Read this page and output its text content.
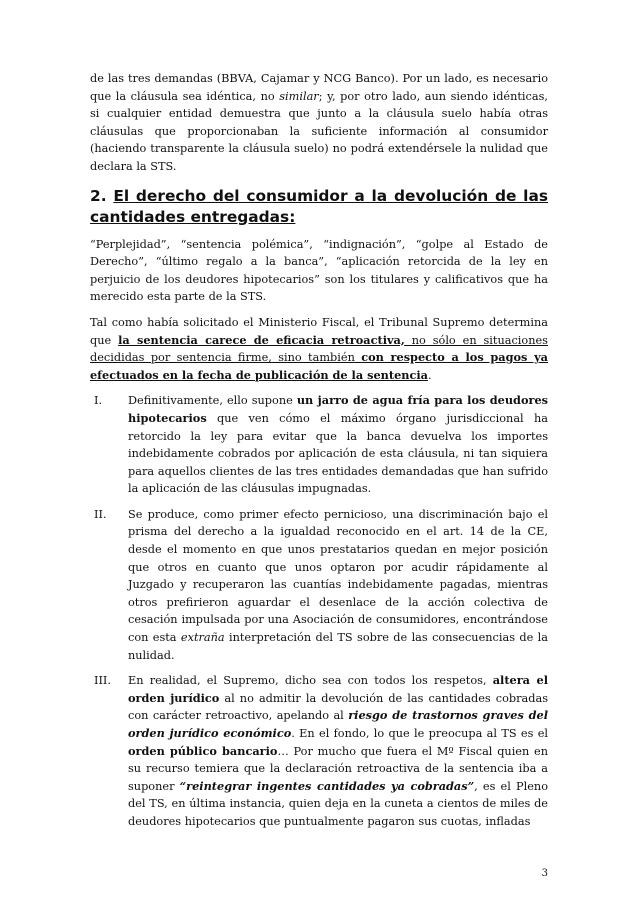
de las tres demandas (BBVA, Cajamar y NCG Banco). Por un lado, es necesario que la cláusula sea idéntica, no similar; y, por otro lado, aun siendo idénticas, si cualquier entidad demuestra que junto a la cláusula suelo había otras cláusulas que proporcionaban la suficiente información al consumidor (haciendo transparente la cláusula suelo) no podrá extendérsele la nulidad que declara la STS.

2. El derecho del consumidor a la devolución de las cantidades entregadas:

“Perplejidad”, “sentencia polémica”, “indignación”, “golpe al Estado de Derecho”, “último regalo a la banca”, “aplicación retorcida de la ley en perjuicio de los deudores hipotecarios” son los titulares y calificativos que ha merecido esta parte de la STS.

Tal como había solicitado el Ministerio Fiscal, el Tribunal Supremo determina que la sentencia carece de eficacia retroactiva, no sólo en situaciones decididas por sentencia firme, sino también con respecto a los pagos ya efectuados en la fecha de publicación de la sentencia.

I.	Definitivamente, ello supone un jarro de agua fría para los deudores hipotecarios que ven cómo el máximo órgano jurisdiccional ha retorcido la ley para evitar que la banca devuelva los importes indebidamente cobrados por aplicación de esta cláusula, ni tan siquiera para aquellos clientes de las tres entidades demandadas que han sufrido la aplicación de las cláusulas impugnadas.
II.	Se produce, como primer efecto pernicioso, una discriminación bajo el prisma del derecho a la igualdad reconocido en el art. 14 de la CE, desde el momento en que unos prestatarios quedan en mejor posición que otros en cuanto que unos optaron por acudir rápidamente al Juzgado y recuperaron las cuantías indebidamente pagadas, mientras otros prefirieron aguardar el desenlace de la acción colectiva de cesación impulsada por una Asociación de consumidores, encontrándose con esta extraña interpretación del TS sobre de las consecuencias de la nulidad.
III.	En realidad, el Supremo, dicho sea con todos los respetos, altera el orden jurídico al no admitir la devolución de las cantidades cobradas con carácter retroactivo, apelando al riesgo de trastornos graves del orden jurídico económico. En el fondo, lo que le preocupa al TS es el orden público bancario… Por mucho que fuera el Mº Fiscal quien en su recurso temiera que la declaración retroactiva de la sentencia iba a suponer “reintegrar ingentes cantidades ya cobradas”, es el Pleno del TS, en última instancia, quien deja en la cuneta a cientos de miles de deudores hipotecarios que puntualmente pagaron sus cuotas, infladas
3
